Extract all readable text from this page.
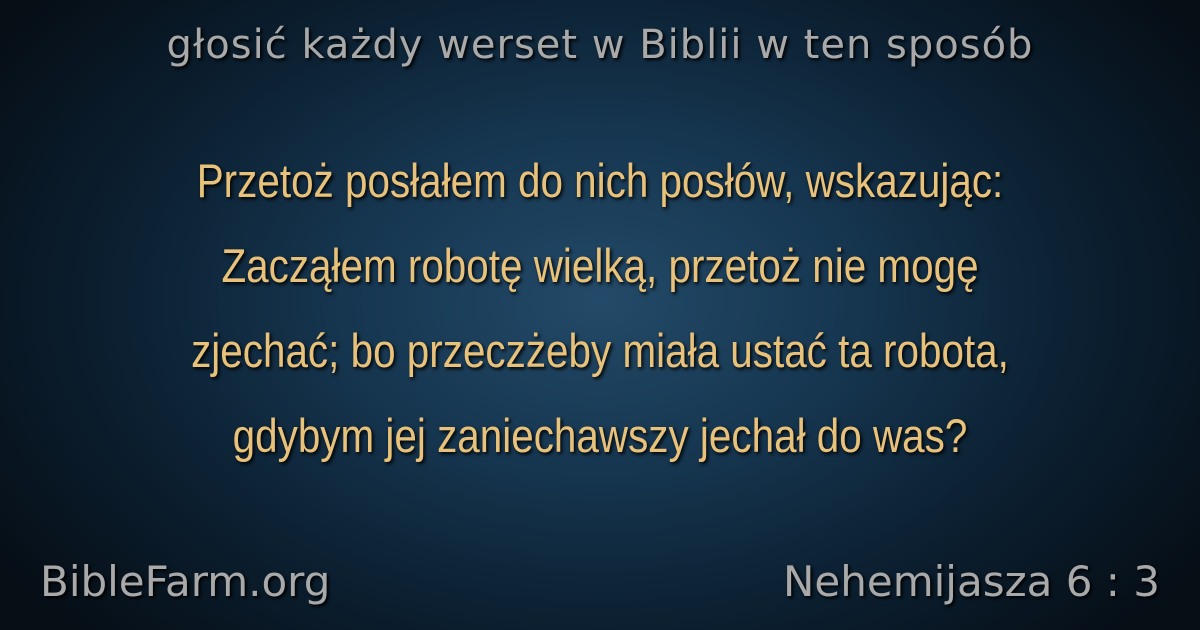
głosić każdy werset w Biblii w ten sposób
Przetoż posłałem do nich posłów, wskazując:
Zacząłem robotę wielką, przetoż nie mogę
zjechać; bo przeczżeby miała ustać ta robota,
gdybym jej zaniechawszy jechał do was?
BibleFarm.org	Nehemijasza 6 : 3
